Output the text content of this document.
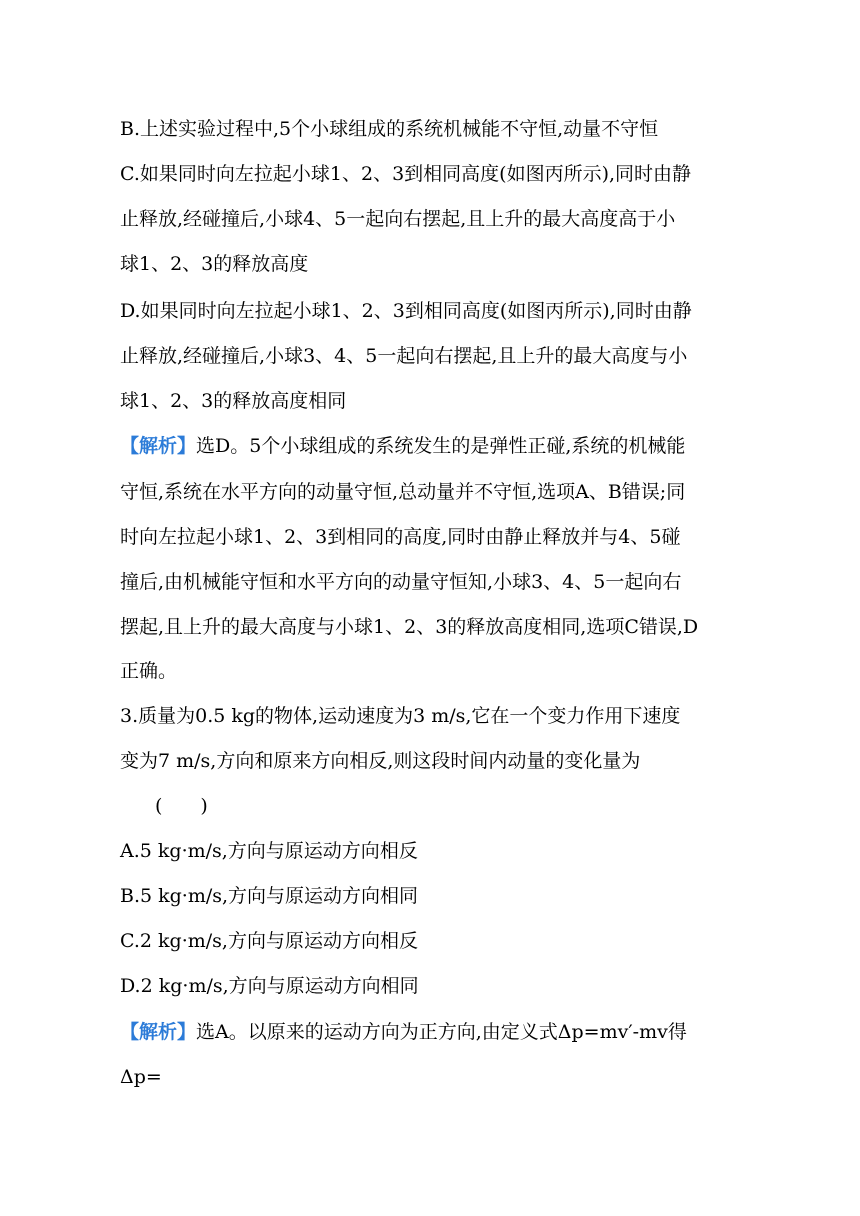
B.上述实验过程中,5个小球组成的系统机械能不守恒,动量不守恒
C.如果同时向左拉起小球1、2、3到相同高度(如图丙所示),同时由静
止释放,经碰撞后,小球4、5一起向右摆起,且上升的最大高度高于小
球1、2、3的释放高度
D.如果同时向左拉起小球1、2、3到相同高度(如图丙所示),同时由静
止释放,经碰撞后,小球3、4、5一起向右摆起,且上升的最大高度与小
球1、2、3的释放高度相同
【解析】选D。5个小球组成的系统发生的是弹性正碰,系统的机械能
守恒,系统在水平方向的动量守恒,总动量并不守恒,选项A、B错误;同
时向左拉起小球1、2、3到相同的高度,同时由静止释放并与4、5碰
撞后,由机械能守恒和水平方向的动量守恒知,小球3、4、5一起向右
摆起,且上升的最大高度与小球1、2、3的释放高度相同,选项C错误,D
正确。
3.质量为0.5 kg的物体,运动速度为3 m/s,它在一个变力作用下速度
变为7 m/s,方向和原来方向相反,则这段时间内动量的变化量为
(　　)
A.5 kg·m/s,方向与原运动方向相反
B.5 kg·m/s,方向与原运动方向相同
C.2 kg·m/s,方向与原运动方向相反
D.2 kg·m/s,方向与原运动方向相同
【解析】选A。以原来的运动方向为正方向,由定义式Δp=mv′-mv得
Δp=
